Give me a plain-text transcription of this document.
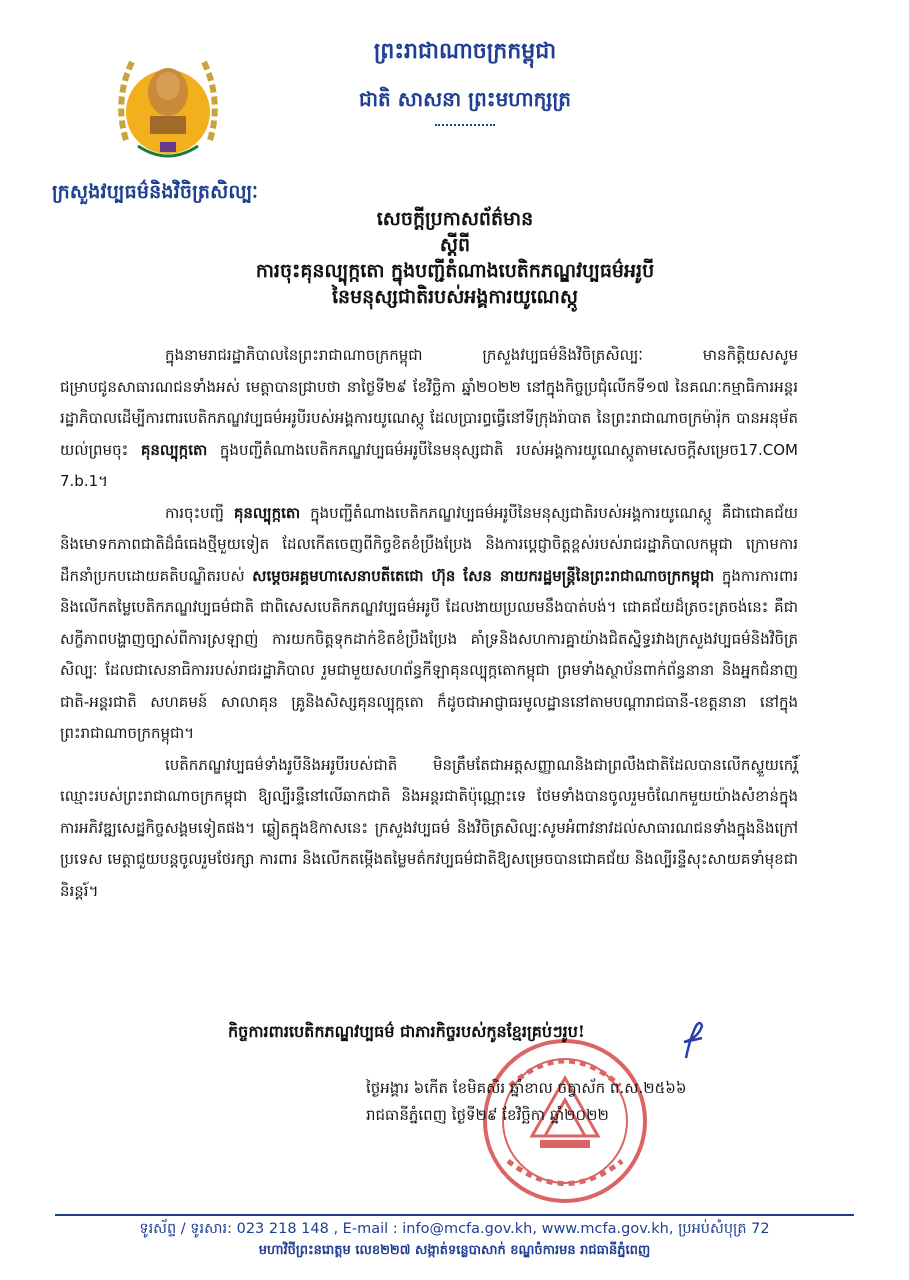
ក្រសួងវប្បធម៌និងវិចិត្រសិល្បៈ
ព្រះរាជាណាចក្រកម្ពុជា
ជាតិ សាសនា ព្រះមហាក្សត្រ
សេចក្តីប្រកាសព័ត៌មាន
ស្តីពី
ការចុះគុនល្បុក្កតោ ក្នុងបញ្ជីតំណាងបេតិកភណ្ឌវប្បធម៌អរូបី
នៃមនុស្សជាតិរបស់អង្គការយូណេស្កូ

ក្នុងនាមរាជរដ្ឋាភិបាលនៃព្រះរាជាណាចក្រកម្ពុជា ក្រសួងវប្បធម៌និងវិចិត្រសិល្បៈ មានកិត្តិយសសូមជម្រាបជូនសាធារណជនទាំងអស់ មេត្តាបានជ្រាបថា នាថ្ងៃទី២៩ ខែវិច្ឆិកា ឆ្នាំ២០២២ នៅក្នុងកិច្ចប្រជុំលើកទី១៧ នៃគណៈកម្មាធិការអន្តររដ្ឋាភិបាលដើម្បីការពារបេតិកភណ្ឌវប្បធម៌អរូបីរបស់អង្គការយូណេស្កូ ដែលប្រារព្ធធ្វើនៅទីក្រុងរ៉ាបាត នៃព្រះរាជាណាចក្រម៉ារ៉ុក បានអនុម័តយល់ព្រមចុះ គុនល្បុក្កតោ ក្នុងបញ្ជីតំណាងបេតិកភណ្ឌវប្បធម៌អរូបីនៃមនុស្សជាតិ របស់អង្គការយូណេស្កូតាមសេចក្តីសម្រេច17.COM 7.b.1។

ការចុះបញ្ជី គុនល្បុក្កតោ ក្នុងបញ្ជីតំណាងបេតិកភណ្ឌវប្បធម៌អរូបីនៃមនុស្សជាតិរបស់អង្គការយូណេស្កូ គឺជាជោគជ័យនិងមោទកភាពជាតិដ៏ធំធេងថ្មីមួយទៀត ដែលកើតចេញពីកិច្ចខិតខំប្រឹងប្រែង និងការប្តេជ្ញាចិត្តខ្ពស់របស់រាជរដ្ឋាភិបាលកម្ពុជា ក្រោមការដឹកនាំប្រកបដោយគតិបណ្ឌិតរបស់ សម្តេចអគ្គមហាសេនាបតីតេជោ ហ៊ុន សែន នាយករដ្ឋមន្ត្រីនៃព្រះរាជាណាចក្រកម្ពុជា ក្នុងការការពារនិងលើកតម្លៃបេតិកភណ្ឌវប្បធម៌ជាតិ ជាពិសេសបេតិកភណ្ឌវប្បធម៌អរូបី ដែលងាយប្រឈមនឹងបាត់បង់។ ជោគជ័យដ៏ត្រចះត្រចង់នេះ គឺជាសក្ខីភាពបង្ហាញច្បាស់ពីការស្រឡាញ់ ការយកចិត្តទុកដាក់ខិតខំប្រឹងប្រែង គាំទ្រនិងសហការគ្នាយ៉ាងជិតស្និទ្ធរវាងក្រសួងវប្បធម៌និងវិចិត្រសិល្បៈ ដែលជាសេនាធិការរបស់រាជរដ្ឋាភិបាល រួមជាមួយសហព័ន្ធកីឡាគុនល្បុក្កតោកម្ពុជា ព្រមទាំងស្ថាប័នពាក់ព័ន្ធនានា និងអ្នកជំនាញជាតិ-អន្តរជាតិ សហគមន៍ សាលាគុន គ្រូនិងសិស្សគុនល្បុក្កតោ ក៏ដូចជាអាជ្ញាធរមូលដ្ឋាននៅតាមបណ្តារាជធានី-ខេត្តនានា នៅក្នុងព្រះរាជាណាចក្រកម្ពុជា។

បេតិកភណ្ឌវប្បធម៌ទាំងរូបីនិងអរូបីរបស់ជាតិ មិនត្រឹមតែជាអត្តសញ្ញាណនិងជាព្រលឹងជាតិដែលបានលើកស្ទួយកេរ្តិ៍ឈ្មោះរបស់ព្រះរាជាណាចក្រកម្ពុជា ឱ្យល្បីរន្ទឺនៅលើឆាកជាតិ និងអន្តរជាតិប៉ុណ្ណោះទេ ថែមទាំងបានចូលរួមចំណែកមួយយ៉ាងសំខាន់ក្នុងការអភិវឌ្ឍសេដ្ឋកិច្ចសង្គមទៀតផង។ ឆ្លៀតក្នុងឱកាសនេះ ក្រសួងវប្បធម៌ និងវិចិត្រសិល្បៈសូមអំពាវនាវដល់សាធារណជនទាំងក្នុងនិងក្រៅប្រទេស មេត្តាជួយបន្តចូលរួមថែរក្សា ការពារ និងលើកតម្កើងតម្លៃមត៌កវប្បធម៌ជាតិឱ្យសម្រេចបានជោគជ័យ និងល្បីរន្ទឺសុះសាយគទាំមុខជានិរន្តរ៍។

កិច្ចការពារបេតិកភណ្ឌវប្បធម៌ ជាភារកិច្ចរបស់កូនខ្មែរគ្រប់ៗរូប!
ថ្ងៃអង្គារ ៦កើត ខែមិគសិរ ឆ្នាំខាល ចត្វាស័ក ព.ស.២៥៦៦
រាជធានីភ្នំពេញ ថ្ងៃទី២៩ ខែវិច្ឆិកា ឆ្នាំ២០២២
ទូរស័ព្ទ / ទូរសារ: 023 218 148 , E-mail : info@mcfa.gov.kh, www.mcfa.gov.kh, ប្រអប់សំបុត្រ 72
មហាវិថីព្រះនរោត្តម លេខ២២៧ សង្កាត់ទន្លេបាសាក់ ខណ្ឌចំការមន រាជធានីភ្នំពេញ
